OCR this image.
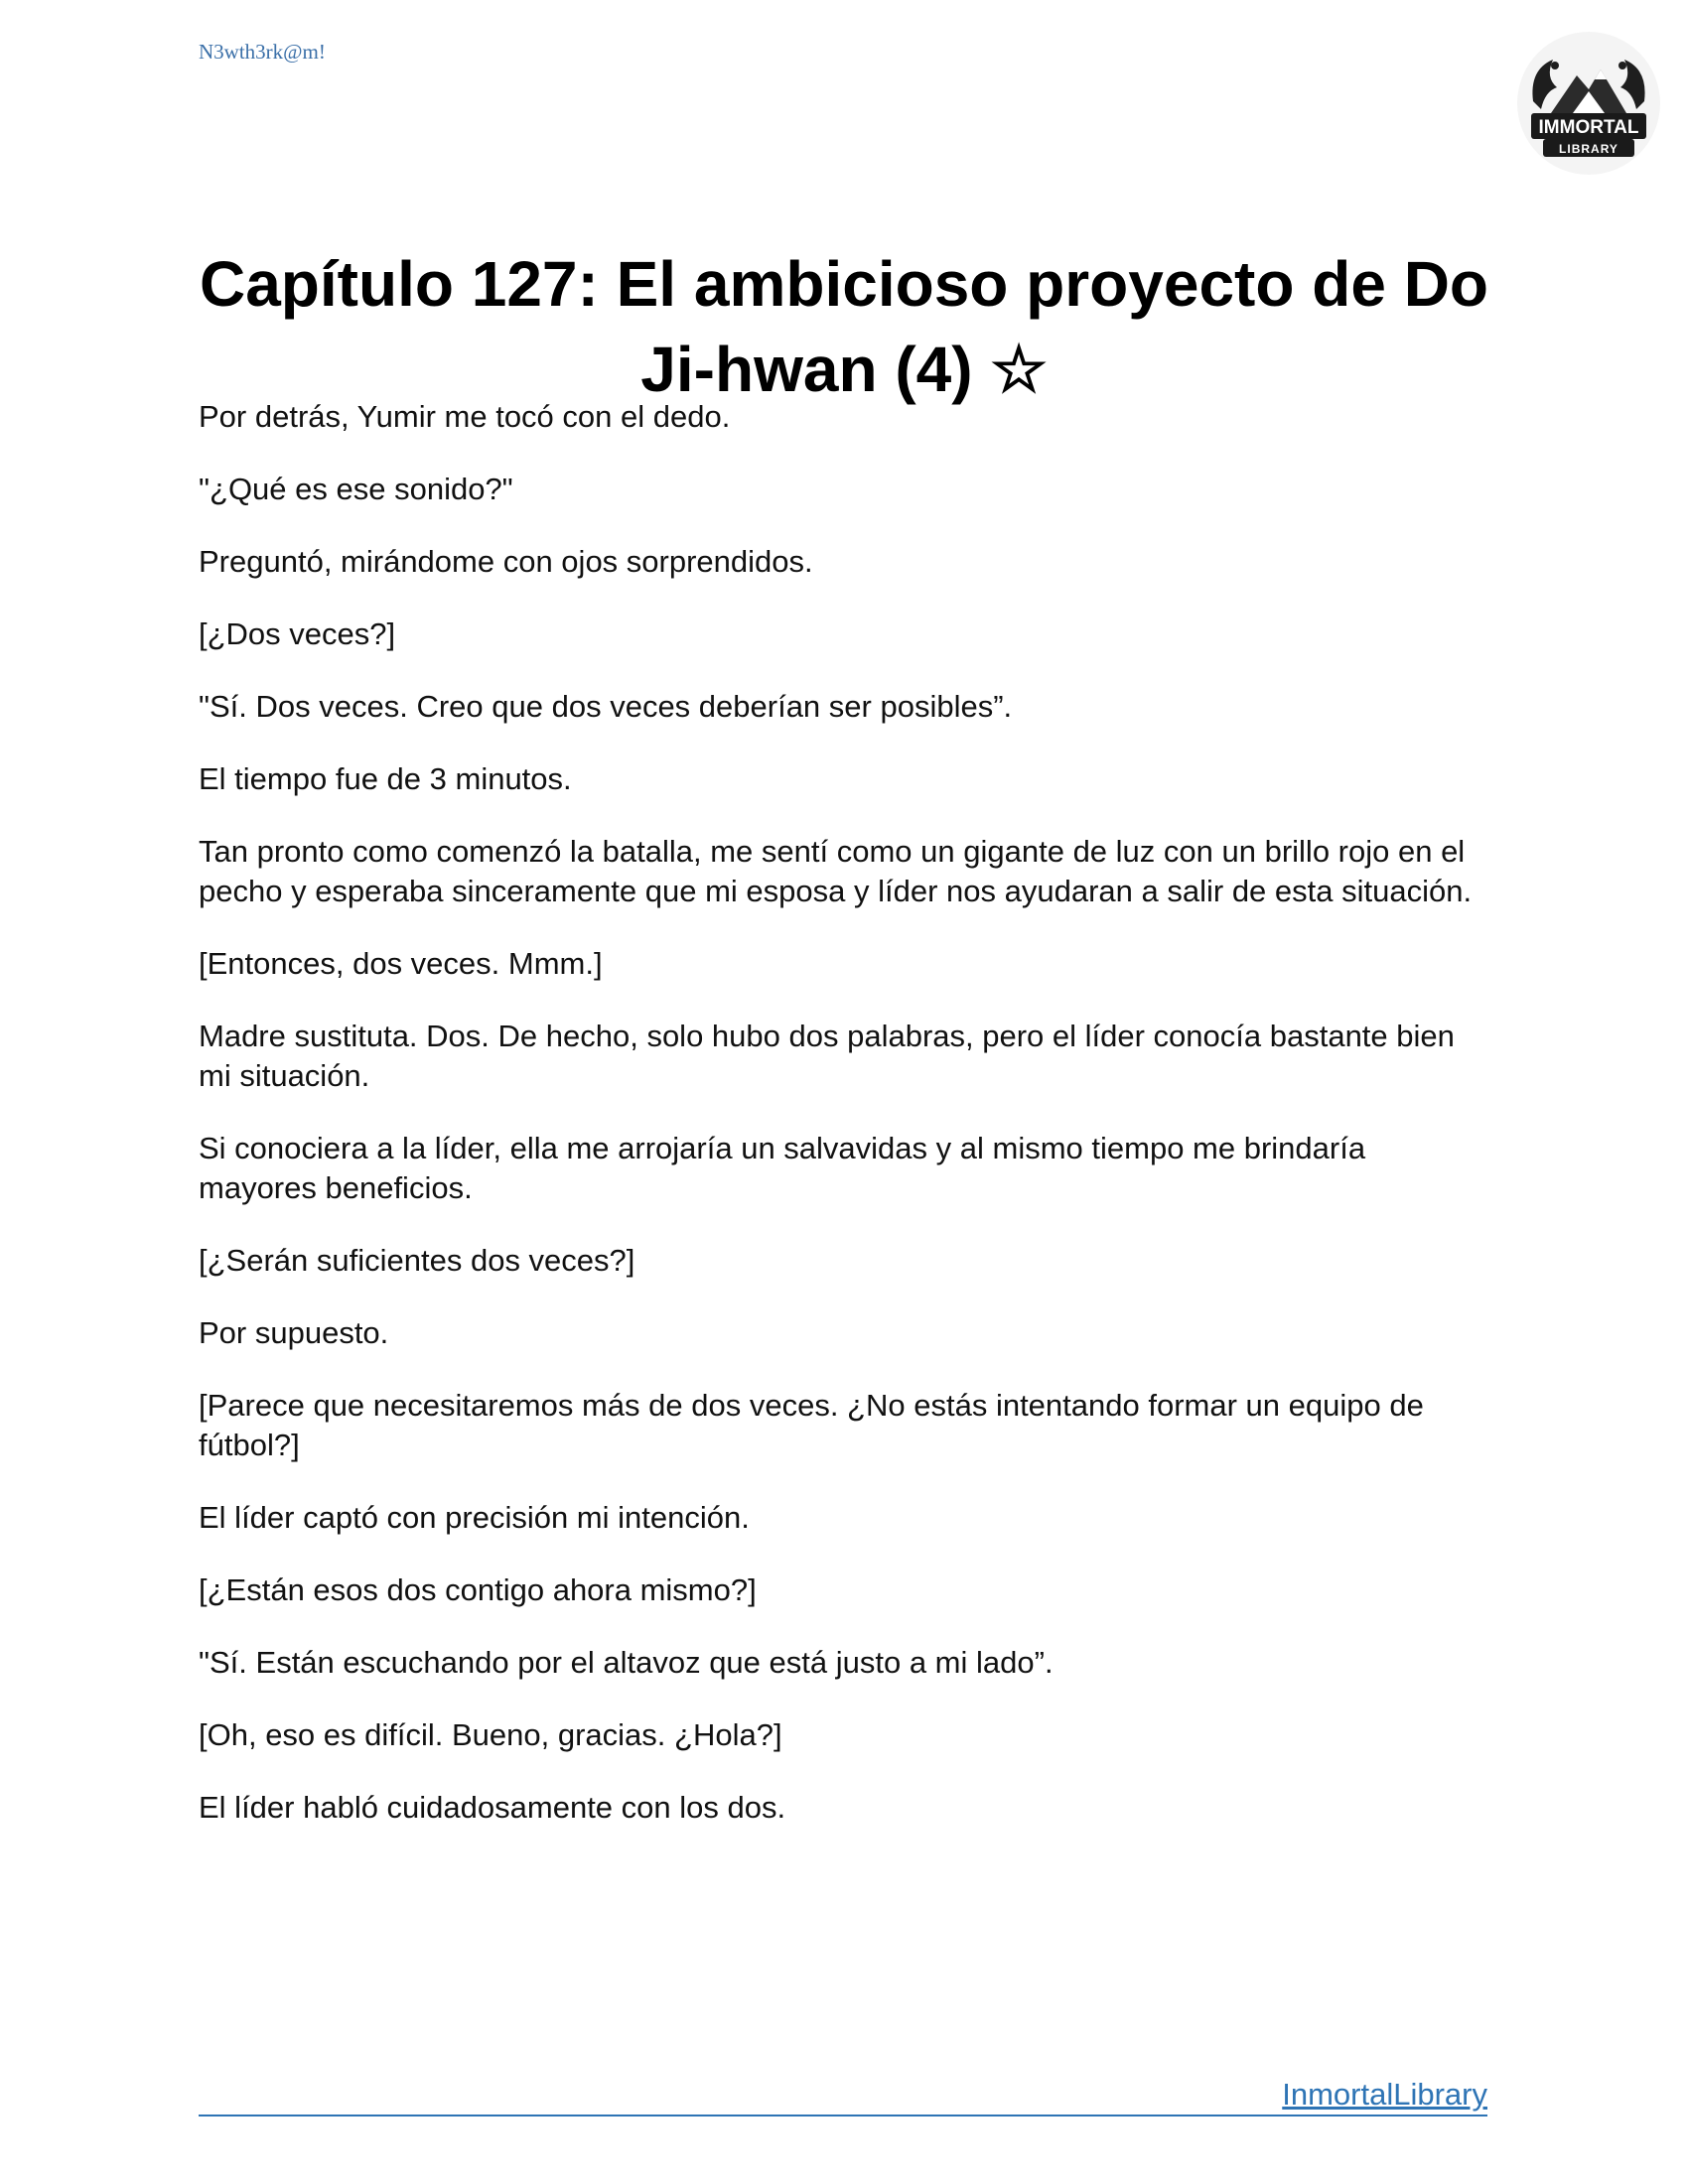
N3wth3rk@m!
IMMORTAL
LIBRARY
Capítulo 127: El ambicioso proyecto de Do Ji-hwan (4) ☆

Por detrás, Yumir me tocó con el dedo.

"¿Qué es ese sonido?"

Preguntó, mirándome con ojos sorprendidos.

[¿Dos veces?]

"Sí. Dos veces. Creo que dos veces deberían ser posibles”.

El tiempo fue de 3 minutos.

Tan pronto como comenzó la batalla, me sentí como un gigante de luz con un brillo rojo en el pecho y esperaba sinceramente que mi esposa y líder nos ayudaran a salir de esta situación.

[Entonces, dos veces. Mmm.]

Madre sustituta. Dos. De hecho, solo hubo dos palabras, pero el líder conocía bastante bien mi situación.

Si conociera a la líder, ella me arrojaría un salvavidas y al mismo tiempo me brindaría mayores beneficios.

[¿Serán suficientes dos veces?]

Por supuesto.

[Parece que necesitaremos más de dos veces. ¿No estás intentando formar un equipo de fútbol?]

El líder captó con precisión mi intención.

[¿Están esos dos contigo ahora mismo?]

"Sí. Están escuchando por el altavoz que está justo a mi lado”.

[Oh, eso es difícil. Bueno, gracias. ¿Hola?]

El líder habló cuidadosamente con los dos.

InmortalLibrary
